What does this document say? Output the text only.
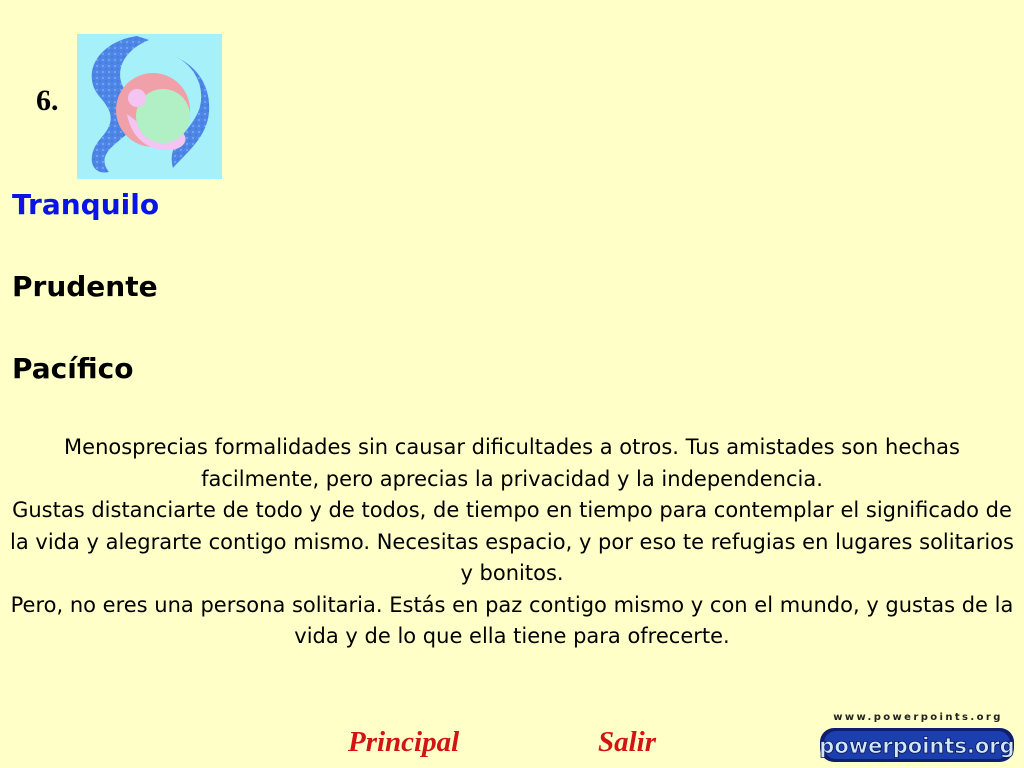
6.
Tranquilo
Prudente
Pacífico

Menosprecias formalidades sin causar dificultades a otros. Tus amistades son hechas facilmente, pero aprecias la privacidad y la independencia.

Gustas distanciarte de todo y de todos, de tiempo en tiempo para contemplar el significado de la vida y alegrarte contigo mismo. Necesitas espacio, y por eso te refugias en lugares solitarios y bonitos.

Pero, no eres una persona solitaria. Estás en paz contigo mismo y con el mundo, y gustas de la vida y de lo que ella tiene para ofrecerte.

Principal	Salir
www.powerpoints.org
powerpoints.org
